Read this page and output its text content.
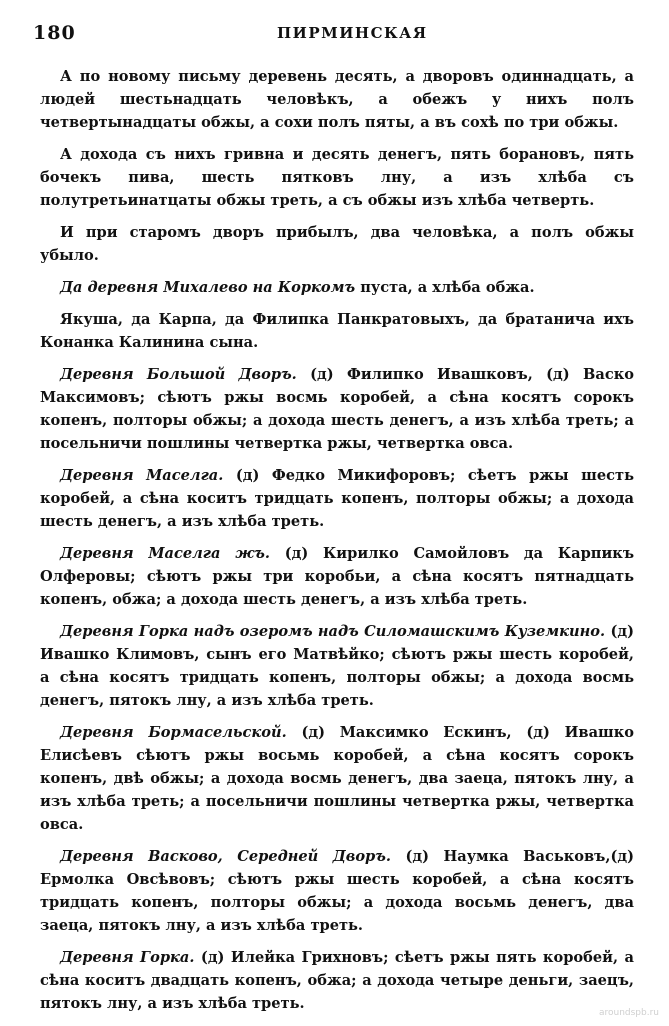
180	ПИРМИНСКАЯ

А по новому письму деревень десять, а дворовъ одиннадцать, а людей шестьнадцать человѣкъ, а обежъ у нихъ полъ четвертынадцаты обжы, а сохи полъ пяты, а въ сохѣ по три обжы.

А дохода съ нихъ гривна и десять денегъ, пять борановъ, пять бочекъ пива, шесть пятковъ лну, а изъ хлѣба съ полутретьинатцаты обжы треть, а съ обжы изъ хлѣба четверть.

И при старомъ дворъ прибылъ, два человѣка, а полъ обжы убыло.

Да деревня Михалево на Коркомъ пуста, а хлѣба обжа.

Якуша, да Карпа, да Филипка Панкратовыхъ, да братанича ихъ Конанка Калинина сына.

Деревня Большой Дворъ. (д) Филипко Ивашковъ, (д) Васко Максимовъ; сѣютъ ржы восмь коробей, а сѣна косятъ сорокъ копенъ, полторы обжы; а дохода шесть денегъ, а изъ хлѣба треть; а посельничи пошлины четвертка ржы, четвертка овса.

Деревня Маселга. (д) Федко Микифоровъ; сѣетъ ржы шесть коробей, а сѣна коситъ тридцать копенъ, полторы обжы; а дохода шесть денегъ, а изъ хлѣба треть.

Деревня Маселга жъ. (д) Кирилко Самойловъ да Карпикъ Олферовы; сѣютъ ржы три коробьи, а сѣна косятъ пятнадцать копенъ, обжа; а дохода шесть денегъ, а изъ хлѣба треть.

Деревня Горка надъ озеромъ надъ Силомашскимъ Куземкино. (д) Ивашко Климовъ, сынъ его Матвѣйко; сѣютъ ржы шесть коробей, а сѣна косятъ тридцать копенъ, полторы обжы; а дохода восмь денегъ, пятокъ лну, а изъ хлѣба треть.

Деревня Бормасельской. (д) Максимко Ескинъ, (д) Ивашко Елисѣевъ сѣютъ ржы восьмь коробей, а сѣна косятъ сорокъ копенъ, двѣ обжы; а дохода восмь денегъ, два заеца, пятокъ лну, а изъ хлѣба треть; а посельничи пошлины четвертка ржы, четвертка овса.

Деревня Васково, Середней Дворъ. (д) Наумка Васьковъ,(д) Ермолка Овсѣвовъ; сѣютъ ржы шесть коробей, а сѣна косятъ тридцать копенъ, полторы обжы; а дохода восьмь денегъ, два заеца, пятокъ лну, а изъ хлѣба треть.

Деревня Горка. (д) Илейка Грихновъ; сѣетъ ржы пять коробей, а сѣна коситъ двадцать копенъ, обжа; а дохода четыре деньги, заецъ, пятокъ лну, а изъ хлѣба треть.

aroundspb.ru
